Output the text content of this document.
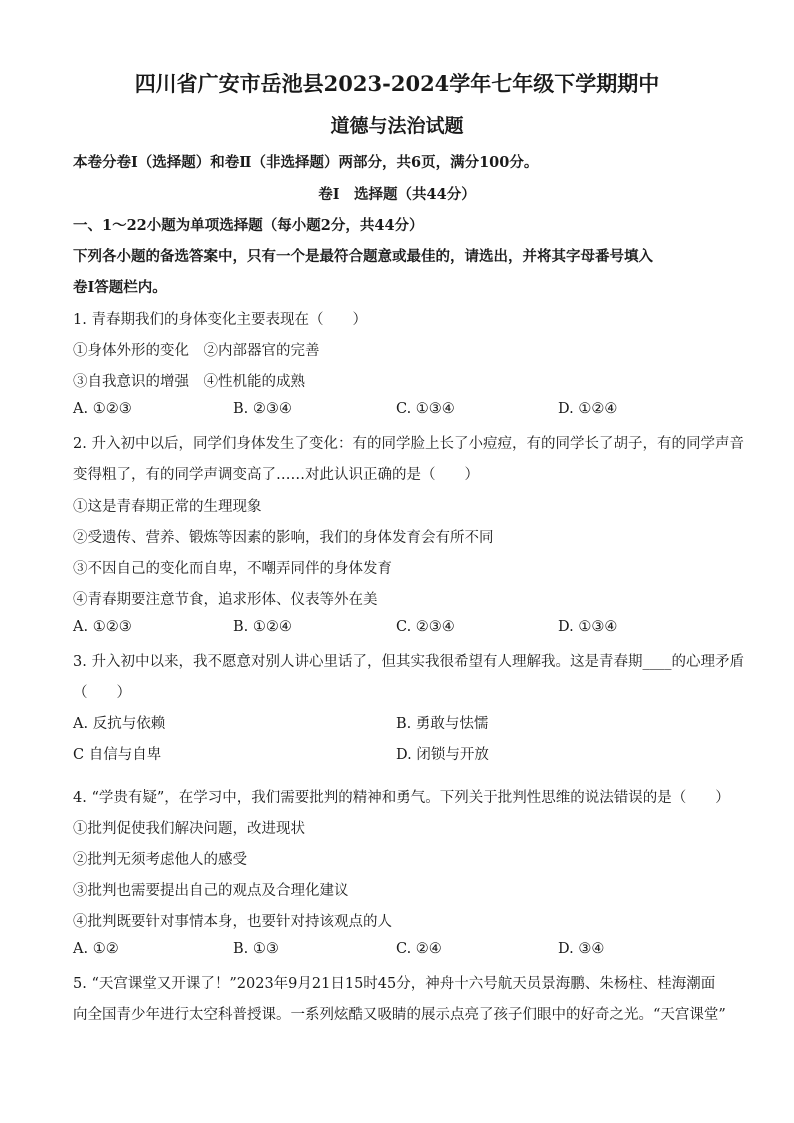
四川省广安市岳池县2023-2024学年七年级下学期期中
道德与法治试题
本卷分卷Ⅰ（选择题）和卷Ⅱ（非选择题）两部分，共6页，满分100分。
卷Ⅰ　选择题（共44分）
一、1～22小题为单项选择题（每小题2分，共44分）
下列各小题的备选答案中，只有一个是最符合题意或最佳的，请选出，并将其字母番号填入
卷Ⅰ答题栏内。
1. 青春期我们的身体变化主要表现在（　　）
①身体外形的变化　②内部器官的完善
③自我意识的增强　④性机能的成熟
A. ①②③	B. ②③④	C. ①③④	D. ①②④
2. 升入初中以后，同学们身体发生了变化：有的同学脸上长了小痘痘，有的同学长了胡子，有的同学声音
变得粗了，有的同学声调变高了……对此认识正确的是（　　）
①这是青春期正常的生理现象
②受遗传、营养、锻炼等因素的影响，我们的身体发育会有所不同
③不因自己的变化而自卑，不嘲弄同伴的身体发育
④青春期要注意节食，追求形体、仪表等外在美
A. ①②③	B. ①②④	C. ②③④	D. ①③④
3. 升入初中以来，我不愿意对别人讲心里话了，但其实我很希望有人理解我。这是青春期____的心理矛盾
（　　）
A. 反抗与依赖	B. 勇敢与怯懦
C 自信与自卑	D. 闭锁与开放
4. “学贵有疑”，在学习中，我们需要批判的精神和勇气。下列关于批判性思维的说法错误的是（　　）
①批判促使我们解决问题，改进现状
②批判无须考虑他人的感受
③批判也需要提出自己的观点及合理化建议
④批判既要针对事情本身，也要针对持该观点的人
A. ①②	B. ①③	C. ②④	D. ③④
5. “天宫课堂又开课了！”2023年9月21日15时45分，神舟十六号航天员景海鹏、朱杨柱、桂海潮面
向全国青少年进行太空科普授课。一系列炫酷又吸睛的展示点亮了孩子们眼中的好奇之光。“天宫课堂”
